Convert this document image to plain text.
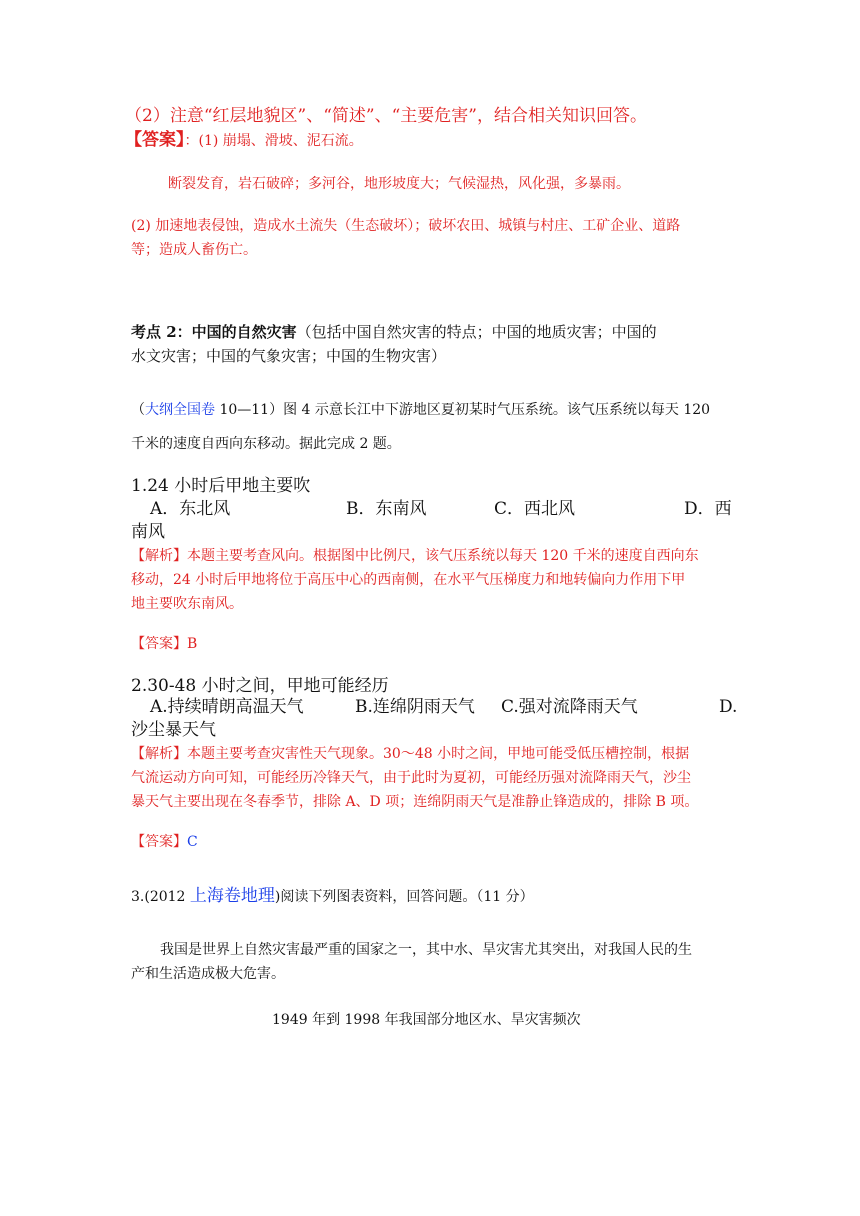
（2）注意“红层地貌区”、“简述”、“主要危害”，结合相关知识回答。
【答案】：(1) 崩塌、滑坡、泥石流。
断裂发育，岩石破碎；多河谷，地形坡度大；气候湿热，风化强，多暴雨。
(2) 加速地表侵蚀，造成水土流失（生态破坏）；破坏农田、城镇与村庄、工矿企业、道路
等；造成人畜伤亡。
考点 2：中国的自然灾害（包括中国自然灾害的特点；中国的地质灾害；中国的
水文灾害；中国的气象灾害；中国的生物灾害）
（大纲全国卷 10—11）图 4 示意长江中下游地区夏初某时气压系统。该气压系统以每天 120
千米的速度自西向东移动。据此完成 2 题。
1.24 小时后甲地主要吹
A．东北风	B．东南风	C．西北风	D．西
南风
【解析】本题主要考查风向。根据图中比例尺，该气压系统以每天 120 千米的速度自西向东
移动，24 小时后甲地将位于高压中心的西南侧，在水平气压梯度力和地转偏向力作用下甲
地主要吹东南风。
【答案】B
2.30-48 小时之间，甲地可能经历
A.持续晴朗高温天气	B.连绵阴雨天气 C.强对流降雨天气	D.
沙尘暴天气
【解析】本题主要考查灾害性天气现象。30～48 小时之间，甲地可能受低压槽控制，根据
气流运动方向可知，可能经历冷锋天气，由于此时为夏初，可能经历强对流降雨天气，沙尘
暴天气主要出现在冬春季节，排除 A、D 项；连绵阴雨天气是准静止锋造成的，排除 B 项。
【答案】C
3.(2012 上海卷地理)阅读下列图表资料，回答问题。（11 分）
我国是世界上自然灾害最严重的国家之一，其中水、旱灾害尤其突出，对我国人民的生
产和生活造成极大危害。
1949 年到 1998 年我国部分地区水、旱灾害频次
